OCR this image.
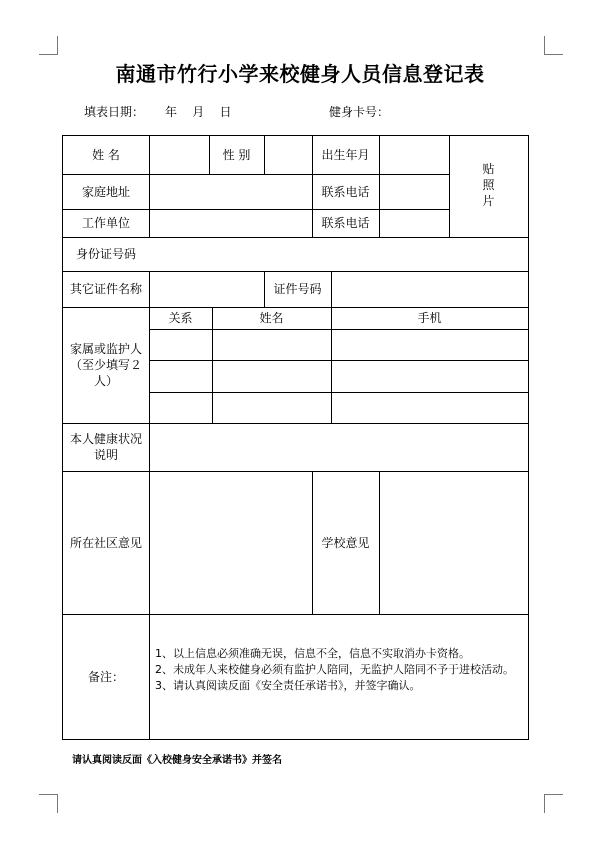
南通市竹行小学来校健身人员信息登记表
填表日期： 年    月    日	健身卡号：
姓 名	性 别	出生年月
贴
照
片
家庭地址	联系电话
工作单位	联系电话
身份证号码
其它证件名称	证件号码
家属或监护人
（至少填写２人）
关系	姓名	手机
本人健康状况说明
所在社区意见	学校意见
备注：
1、以上信息必须准确无误，信息不全，信息不实取消办卡资格。
2、未成年人来校健身必须有监护人陪同，无监护人陪同不予于进校活动。
3、请认真阅读反面《安全责任承诺书》，并签字确认。
请认真阅读反面《入校健身安全承诺书》并签名
